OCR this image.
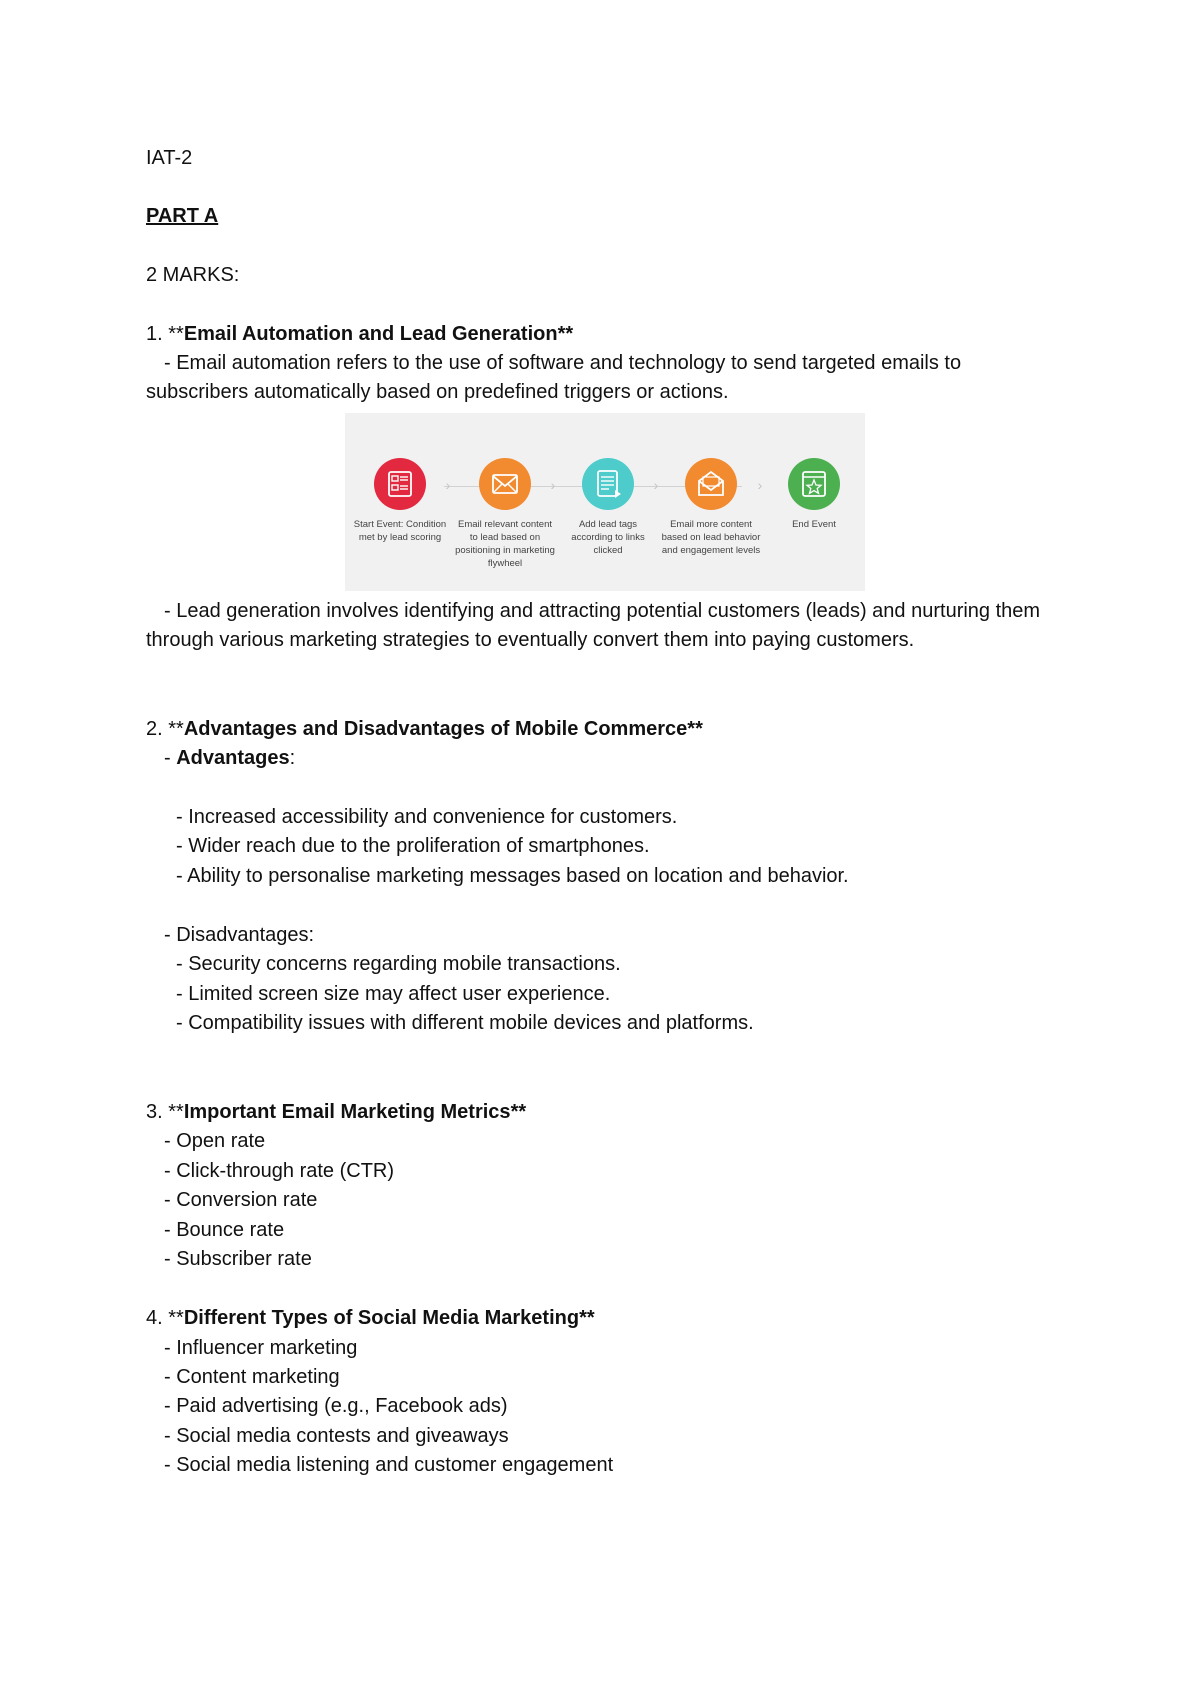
IAT-2
PART A
2 MARKS:
1. **Email Automation and Lead Generation**
- Email automation refers to the use of software and technology to send targeted emails to subscribers automatically based on predefined triggers or actions.
- Lead generation involves identifying and attracting potential customers (leads) and nurturing them through various marketing strategies to eventually convert them into paying customers.
2. **Advantages and Disadvantages of Mobile Commerce**
- Advantages:
- Increased accessibility and convenience for customers.
- Wider reach due to the proliferation of smartphones.
- Ability to personalise marketing messages based on location and behavior.
- Disadvantages:
- Security concerns regarding mobile transactions.
- Limited screen size may affect user experience.
- Compatibility issues with different mobile devices and platforms.
3. **Important Email Marketing Metrics**
- Open rate
- Click-through rate (CTR)
- Conversion rate
- Bounce rate
- Subscriber rate
4. **Different Types of Social Media Marketing**
- Influencer marketing
- Content marketing
- Paid advertising (e.g., Facebook ads)
- Social media contests and giveaways
- Social media listening and customer engagement
›	›	›	›
Start Event: Condition met by lead scoring
Email relevant content to lead based on positioning in marketing flywheel
Add lead tags according to links clicked
Email more content based on lead behavior and engagement levels
End Event
